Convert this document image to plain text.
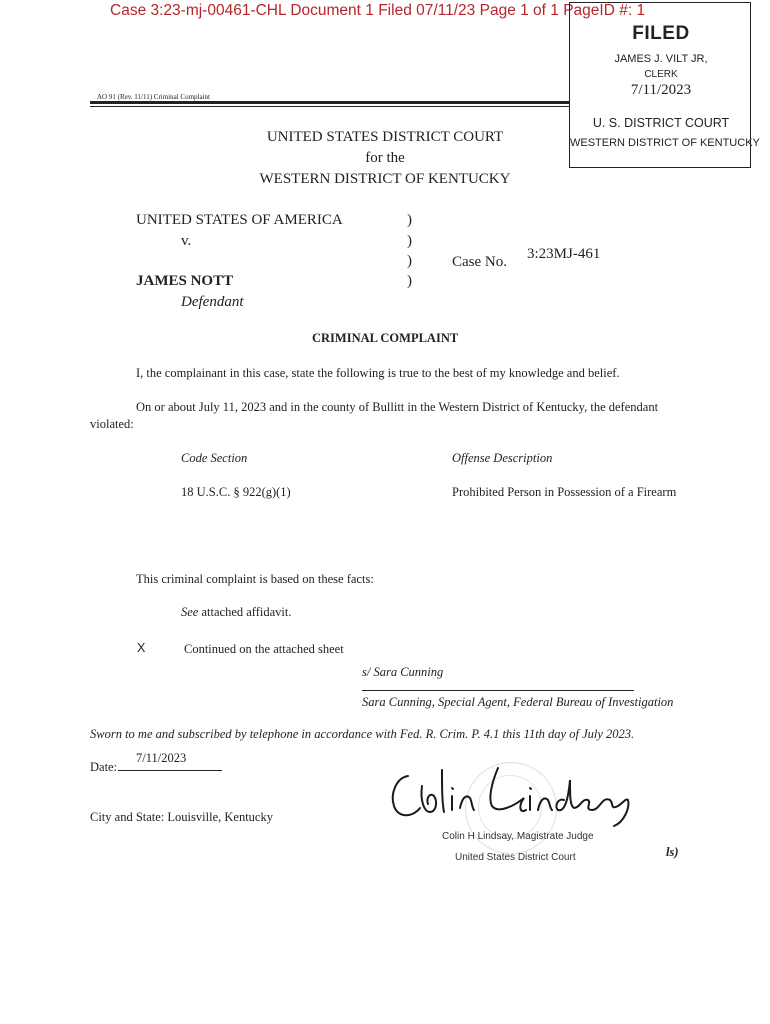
Case 3:23-mj-00461-CHL Document 1 Filed 07/11/23 Page 1 of 1 PageID #: 1
FILED
JAMES J. VILT JR,
CLERK
7/11/2023
U. S. DISTRICT COURT
WESTERN DISTRICT OF KENTUCKY
AO 91 (Rev. 11/11) Criminal Complaint
UNITED STATES DISTRICT COURT
for the
WESTERN DISTRICT OF KENTUCKY
UNITED STATES OF AMERICA
v.
JAMES NOTT
Defendant
)
)
)
)
Case No. 3:23MJ-461
CRIMINAL COMPLAINT
I, the complainant in this case, state the following is true to the best of my knowledge and belief.
On or about July 11, 2023 and in the county of Bullitt in the Western District of Kentucky, the defendant
violated:
Code Section	Offense Description
18 U.S.C. § 922(g)(1)	Prohibited Person in Possession of a Firearm
This criminal complaint is based on these facts:
See attached affidavit.
X	Continued on the attached sheet
s/ Sara Cunning
Sara Cunning, Special Agent, Federal Bureau of Investigation
Sworn to me and subscribed by telephone in accordance with Fed. R. Crim. P. 4.1 this 11th day of July 2023.
7/11/2023
Date:
City and State: Louisville, Kentucky
Colin H Lindsay, Magistrate Judge
United States District Court	ls)
